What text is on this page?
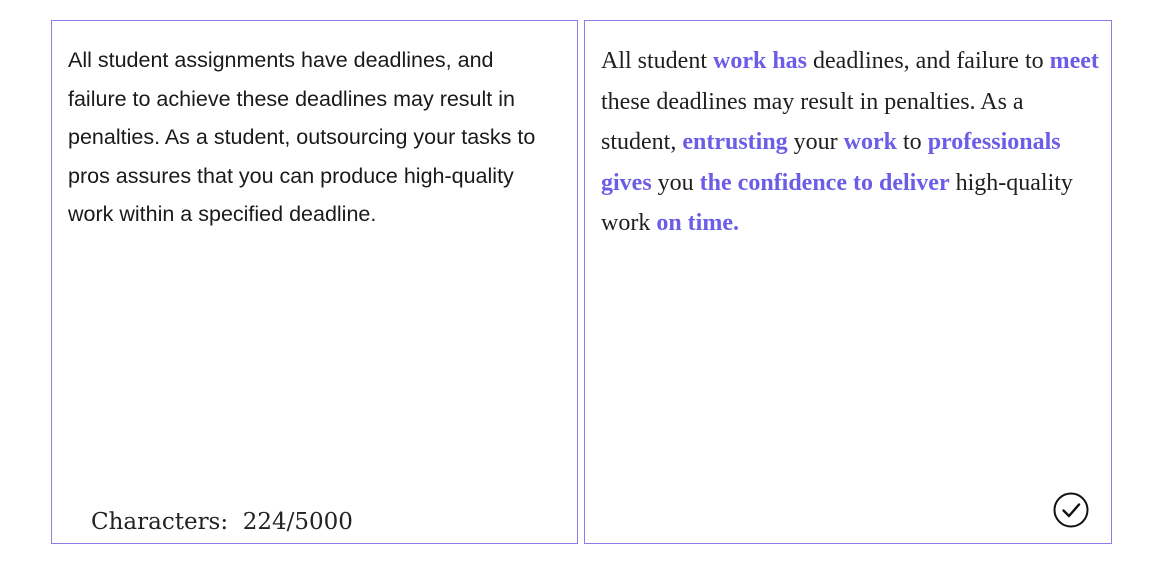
All student assignments have deadlines, and failure to achieve these deadlines may result in penalties. As a student, outsourcing your tasks to pros assures that you can produce high-quality work within a specified deadline.

Characters: 224/5000

All student work has deadlines, and failure to meet these deadlines may result in penalties. As a student, entrusting your work to professionals gives you the confidence to deliver high-quality work on time.
